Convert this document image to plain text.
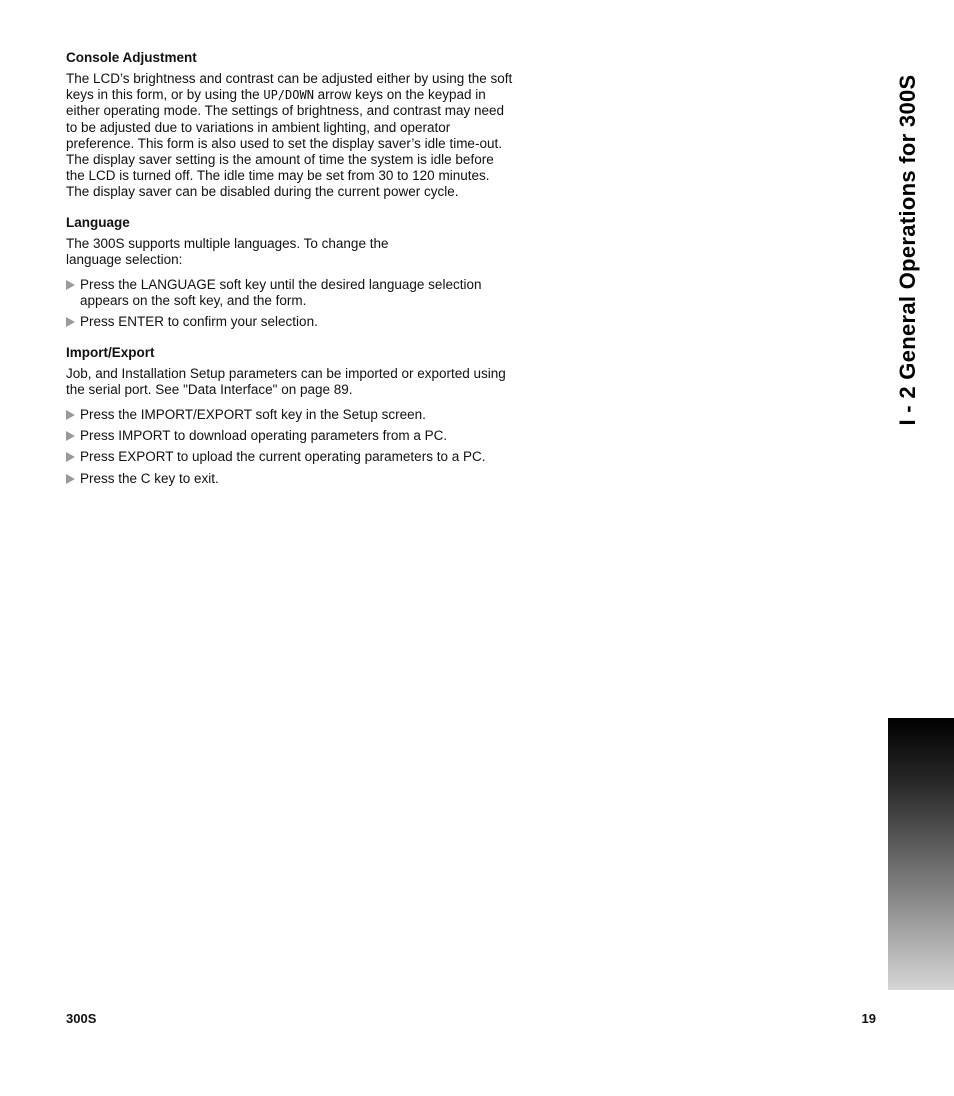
Console Adjustment

The LCD’s brightness and contrast can be adjusted either by using the soft keys in this form, or by using the UP/DOWN arrow keys on the keypad in either operating mode. The settings of brightness, and contrast may need to be adjusted due to variations in ambient lighting, and operator preference. This form is also used to set the display saver’s idle time-out. The display saver setting is the amount of time the system is idle before the LCD is turned off. The idle time may be set from 30 to 120 minutes. The display saver can be disabled during the current power cycle.

Language

The 300S supports multiple languages. To change the language selection:

Press the LANGUAGE soft key until the desired language selection appears on the soft key, and the form.
Press ENTER to confirm your selection.
Import/Export

Job, and Installation Setup parameters can be imported or exported using the serial port. See "Data Interface" on page 89.

Press the IMPORT/EXPORT soft key in the Setup screen.
Press IMPORT to download operating parameters from a PC.
Press EXPORT to upload the current operating parameters to a PC.
Press the C key to exit.
I - 2 General Operations for 300S
300S	19
